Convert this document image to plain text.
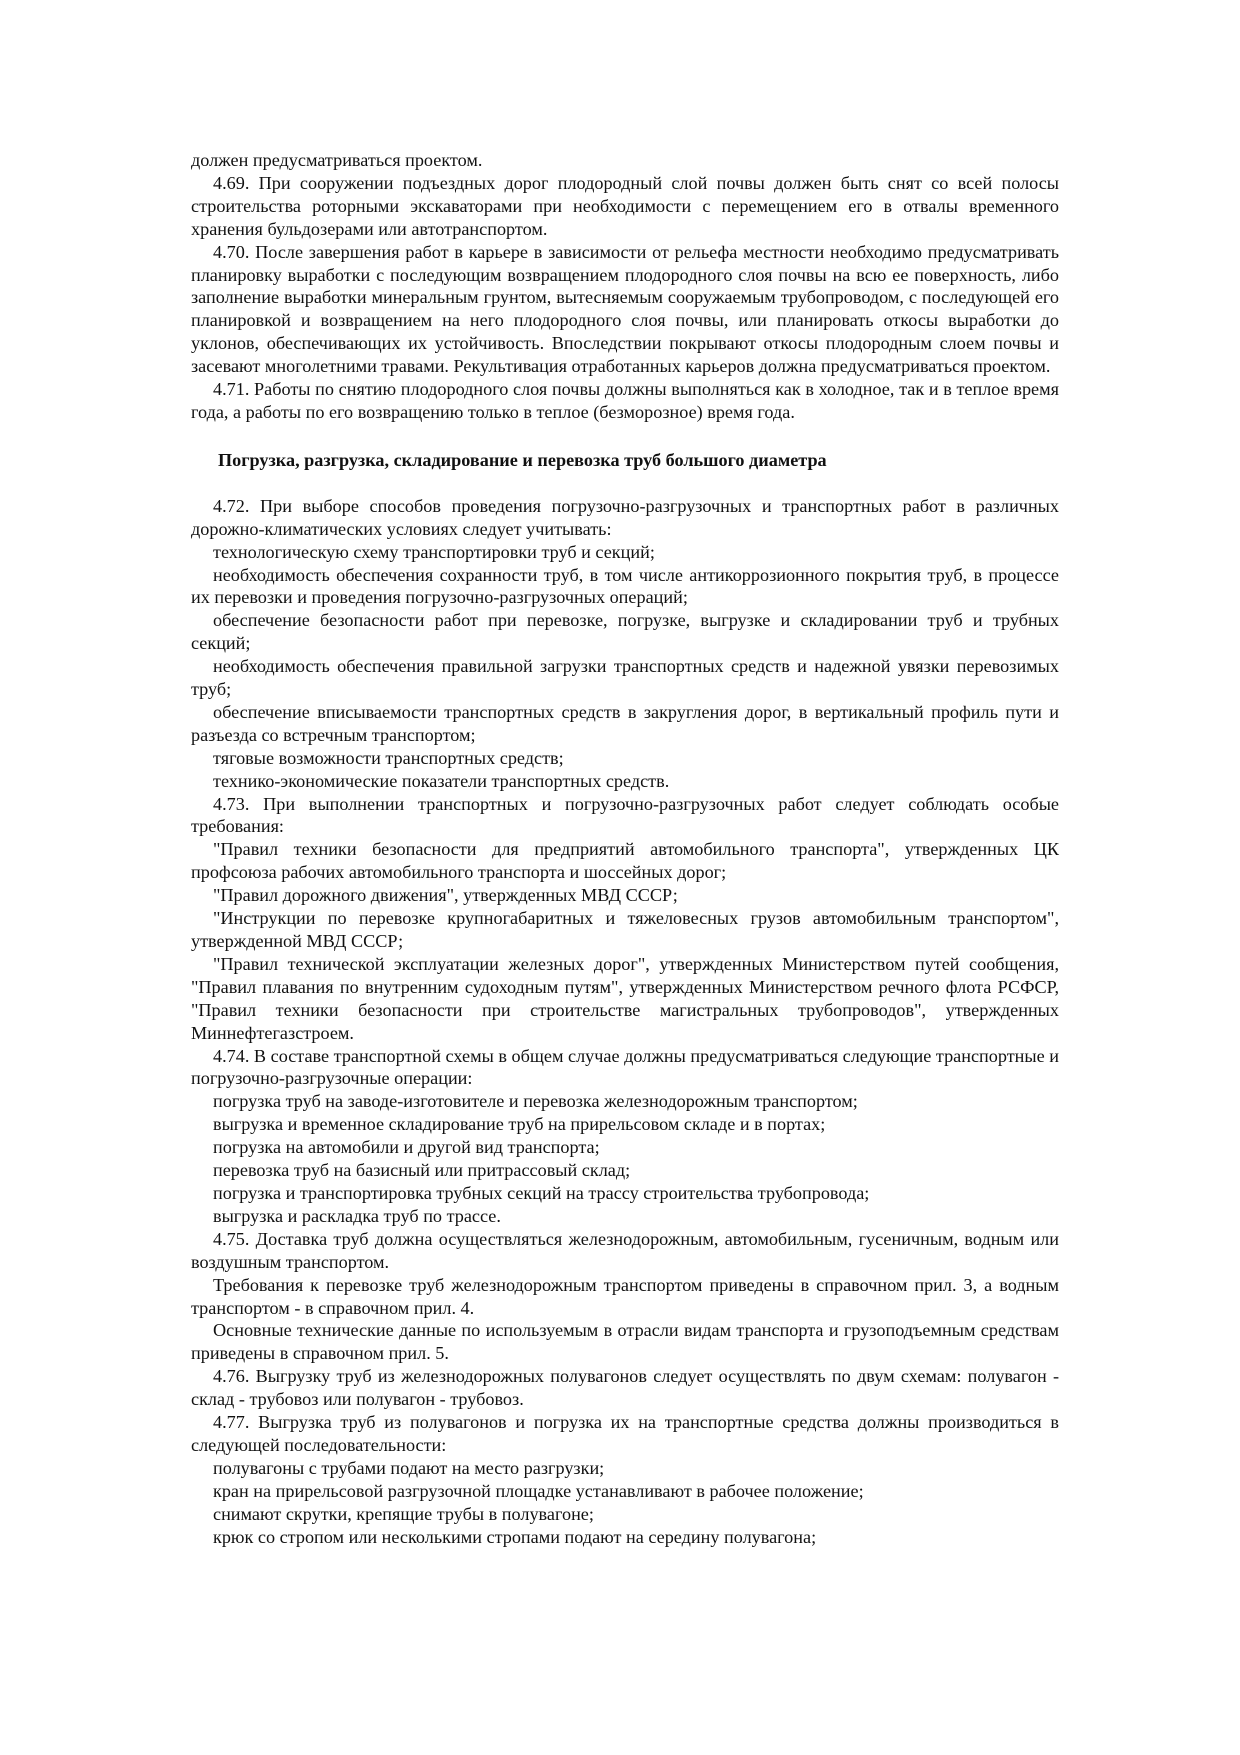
должен предусматриваться проектом.

4.69. При сооружении подъездных дорог плодородный слой почвы должен быть снят со всей полосы строительства роторными экскаваторами при необходимости с перемещением его в отвалы временного хранения бульдозерами или автотранспортом.

4.70. После завершения работ в карьере в зависимости от рельефа местности необходимо предусматривать планировку выработки с последующим возвращением плодородного слоя почвы на всю ее поверхность, либо заполнение выработки минеральным грунтом, вытесняемым сооружаемым трубопроводом, с последующей его планировкой и возвращением на него плодородного слоя почвы, или планировать откосы выработки до уклонов, обеспечивающих их устойчивость. Впоследствии покрывают откосы плодородным слоем почвы и засевают многолетними травами. Рекультивация отработанных карьеров должна предусматриваться проектом.

4.71. Работы по снятию плодородного слоя почвы должны выполняться как в холодное, так и в теплое время года, а работы по его возвращению только в теплое (безморозное) время года.

Погрузка, разгрузка, складирование и перевозка труб большого диаметра

4.72. При выборе способов проведения погрузочно-разгрузочных и транспортных работ в различных дорожно-климатических условиях следует учитывать:

технологическую схему транспортировки труб и секций;

необходимость обеспечения сохранности труб, в том числе антикоррозионного покрытия труб, в процессе их перевозки и проведения погрузочно-разгрузочных операций;

обеспечение безопасности работ при перевозке, погрузке, выгрузке и складировании труб и трубных секций;

необходимость обеспечения правильной загрузки транспортных средств и надежной увязки перевозимых труб;

обеспечение вписываемости транспортных средств в закругления дорог, в вертикальный профиль пути и разъезда со встречным транспортом;

тяговые возможности транспортных средств;

технико-экономические показатели транспортных средств.

4.73. При выполнении транспортных и погрузочно-разгрузочных работ следует соблюдать особые требования:

"Правил техники безопасности для предприятий автомобильного транспорта", утвержденных ЦК профсоюза рабочих автомобильного транспорта и шоссейных дорог;

"Правил дорожного движения", утвержденных МВД СССР;

"Инструкции по перевозке крупногабаритных и тяжеловесных грузов автомобильным транспортом", утвержденной МВД СССР;

"Правил технической эксплуатации железных дорог", утвержденных Министерством путей сообщения, "Правил плавания по внутренним судоходным путям", утвержденных Министерством речного флота РСФСР, "Правил техники безопасности при строительстве магистральных трубопроводов", утвержденных Миннефтегазстроем.

4.74. В составе транспортной схемы в общем случае должны предусматриваться следующие транспортные и погрузочно-разгрузочные операции:

погрузка труб на заводе-изготовителе и перевозка железнодорожным транспортом;

выгрузка и временное складирование труб на прирельсовом складе и в портах;

погрузка на автомобили и другой вид транспорта;

перевозка труб на базисный или притрассовый склад;

погрузка и транспортировка трубных секций на трассу строительства трубопровода;

выгрузка и раскладка труб по трассе.

4.75. Доставка труб должна осуществляться железнодорожным, автомобильным, гусеничным, водным или воздушным транспортом.

Требования к перевозке труб железнодорожным транспортом приведены в справочном прил. 3, а водным транспортом - в справочном прил. 4.

Основные технические данные по используемым в отрасли видам транспорта и грузоподъемным средствам приведены в справочном прил. 5.

4.76. Выгрузку труб из железнодорожных полувагонов следует осуществлять по двум схемам: полувагон - склад - трубовоз или полувагон - трубовоз.

4.77. Выгрузка труб из полувагонов и погрузка их на транспортные средства должны производиться в следующей последовательности:

полувагоны с трубами подают на место разгрузки;

кран на прирельсовой разгрузочной площадке устанавливают в рабочее положение;

снимают скрутки, крепящие трубы в полувагоне;

крюк со стропом или несколькими стропами подают на середину полувагона;
